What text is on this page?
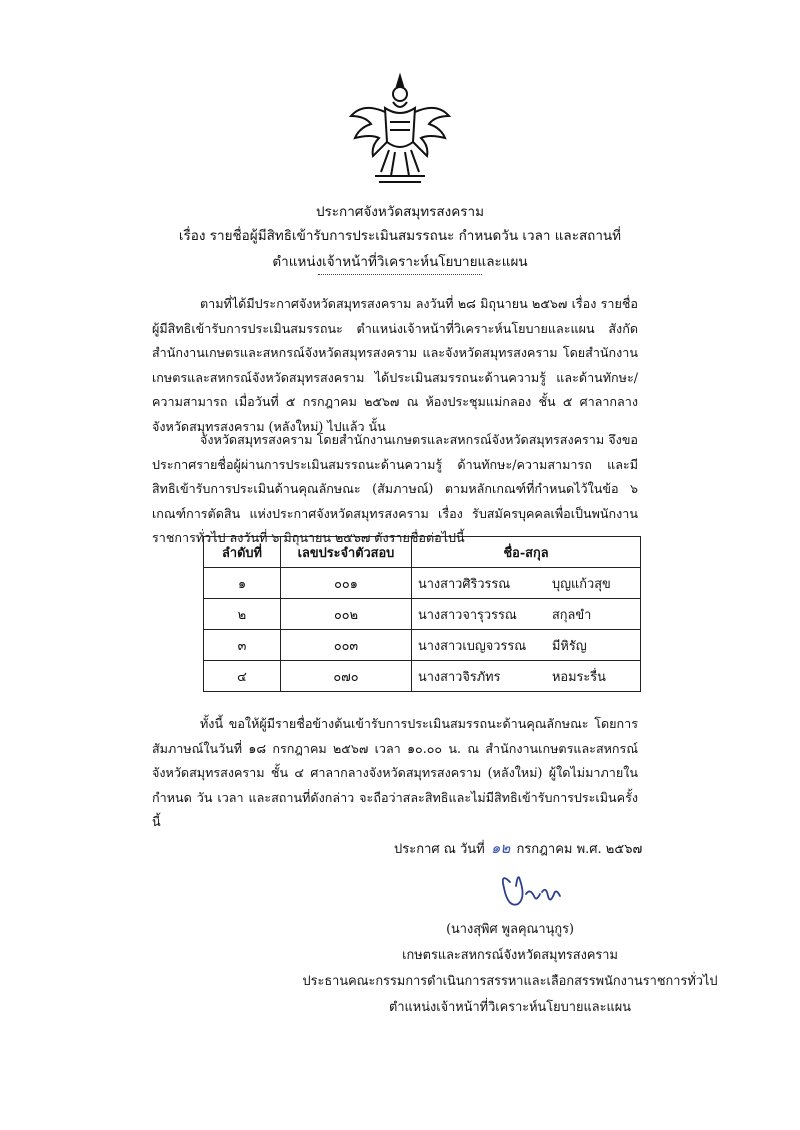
ประกาศจังหวัดสมุทรสงคราม
เรื่อง รายชื่อผู้มีสิทธิเข้ารับการประเมินสมรรถนะ กำหนดวัน เวลา และสถานที่
ตำแหน่งเจ้าหน้าที่วิเคราะห์นโยบายและแผน
ตามที่ได้มีประกาศจังหวัดสมุทรสงคราม ลงวันที่ ๒๘ มิถุนายน ๒๕๖๗ เรื่อง รายชื่อผู้มีสิทธิเข้ารับการประเมินสมรรถนะ ตำแหน่งเจ้าหน้าที่วิเคราะห์นโยบายและแผน สังกัดสำนักงานเกษตรและสหกรณ์จังหวัดสมุทรสงคราม และจังหวัดสมุทรสงคราม โดยสำนักงานเกษตรและสหกรณ์จังหวัดสมุทรสงคราม ได้ประเมินสมรรถนะด้านความรู้ และด้านทักษะ/ความสามารถ เมื่อวันที่ ๕ กรกฎาคม ๒๕๖๗ ณ ห้องประชุมแม่กลอง ชั้น ๕ ศาลากลางจังหวัดสมุทรสงคราม (หลังใหม่) ไปแล้ว นั้น
จังหวัดสมุทรสงคราม โดยสำนักงานเกษตรและสหกรณ์จังหวัดสมุทรสงคราม จึงขอประกาศรายชื่อผู้ผ่านการประเมินสมรรถนะด้านความรู้ ด้านทักษะ/ความสามารถ และมีสิทธิเข้ารับการประเมินด้านคุณลักษณะ (สัมภาษณ์) ตามหลักเกณฑ์ที่กำหนดไว้ในข้อ ๖ เกณฑ์การตัดสิน แห่งประกาศจังหวัดสมุทรสงคราม เรื่อง รับสมัครบุคคลเพื่อเป็นพนักงานราชการทั่วไป ลงวันที่ ๖ มิถุนายน ๒๕๖๗ ดังรายชื่อต่อไปนี้
ลำดับที่	เลขประจำตัวสอบ	ชื่อ-สกุล
๑	๐๐๑	นางสาวศิริวรรณ บุญแก้วสุข

๒	๐๐๒	นางสาวจารุวรรณ สกุลขำ

๓	๐๐๓	นางสาวเบญจวรรณ มีหิรัญ

๔	๐๗๐	นางสาวจิรภัทร หอมระรื่น
ทั้งนี้ ขอให้ผู้มีรายชื่อข้างต้นเข้ารับการประเมินสมรรถนะด้านคุณลักษณะ โดยการสัมภาษณ์ในวันที่ ๑๘ กรกฎาคม ๒๕๖๗ เวลา ๑๐.๐๐ น. ณ สำนักงานเกษตรและสหกรณ์จังหวัดสมุทรสงคราม ชั้น ๔ ศาลากลางจังหวัดสมุทรสงคราม (หลังใหม่) ผู้ใดไม่มาภายในกำหนด วัน เวลา และสถานที่ดังกล่าว จะถือว่าสละสิทธิและไม่มีสิทธิเข้ารับการประเมินครั้งนี้
ประกาศ ณ วันที่ ๑๒ กรกฎาคม พ.ศ. ๒๕๖๗
(นางสุพิศ พูลคุณานุกูร)
เกษตรและสหกรณ์จังหวัดสมุทรสงคราม
ประธานคณะกรรมการดำเนินการสรรหาและเลือกสรรพนักงานราชการทั่วไป
ตำแหน่งเจ้าหน้าที่วิเคราะห์นโยบายและแผน
